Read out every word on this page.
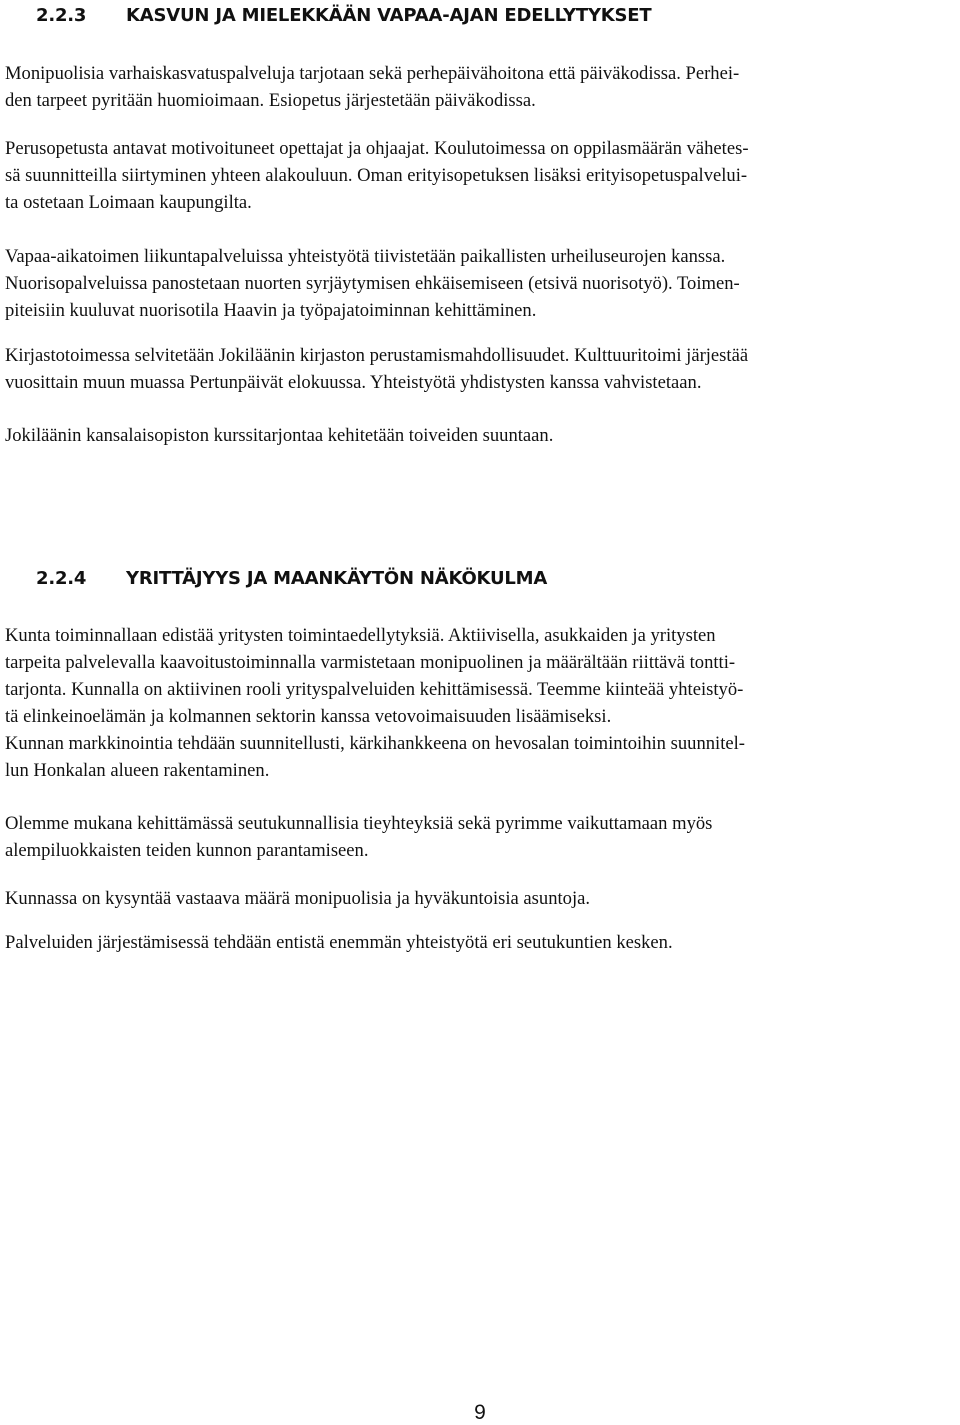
2.2.3 KASVUN JA MIELEKKÄÄN VAPAA-AJAN EDELLYTYKSET
Monipuolisia varhaiskasvatuspalveluja tarjotaan sekä perhepäivähoitona että päiväkodissa. Perhei-
den tarpeet pyritään huomioimaan. Esiopetus järjestetään päiväkodissa.
Perusopetusta antavat motivoituneet opettajat ja ohjaajat. Koulutoimessa on oppilasmäärän vähetes-
sä suunnitteilla siirtyminen yhteen alakouluun. Oman erityisopetuksen lisäksi erityisopetuspalvelui-
ta ostetaan Loimaan kaupungilta.
Vapaa-aikatoimen liikuntapalveluissa yhteistyötä tiivistetään paikallisten urheiluseurojen kanssa.
Nuorisopalveluissa panostetaan nuorten syrjäytymisen ehkäisemiseen (etsivä nuorisotyö). Toimen-
piteisiin kuuluvat nuorisotila Haavin ja työpajatoiminnan kehittäminen.
Kirjastotoimessa selvitetään Jokiläänin kirjaston perustamismahdollisuudet. Kulttuuritoimi järjestää
vuosittain muun muassa Pertunpäivät elokuussa. Yhteistyötä yhdistysten kanssa vahvistetaan.
Jokiläänin kansalaisopiston kurssitarjontaa kehitetään toiveiden suuntaan.
2.2.4 YRITTÄJYYS JA MAANKÄYTÖN NÄKÖKULMA
Kunta toiminnallaan edistää yritysten toimintaedellytyksiä. Aktiivisella, asukkaiden ja yritysten
tarpeita palvelevalla kaavoitustoiminnalla varmistetaan monipuolinen ja määrältään riittävä tontti-
tarjonta. Kunnalla on aktiivinen rooli yrityspalveluiden kehittämisessä. Teemme kiinteää yhteistyö-
tä elinkeinoelämän ja kolmannen sektorin kanssa vetovoimaisuuden lisäämiseksi.
Kunnan markkinointia tehdään suunnitellusti, kärkihankkeena on hevosalan toimintoihin suunnitel-
lun Honkalan alueen rakentaminen.
Olemme mukana kehittämässä seutukunnallisia tieyhteyksiä sekä pyrimme vaikuttamaan myös
alempiluokkaisten teiden kunnon parantamiseen.
Kunnassa on kysyntää vastaava määrä monipuolisia ja hyväkuntoisia asuntoja.
Palveluiden järjestämisessä tehdään entistä enemmän yhteistyötä eri seutukuntien kesken.
9
